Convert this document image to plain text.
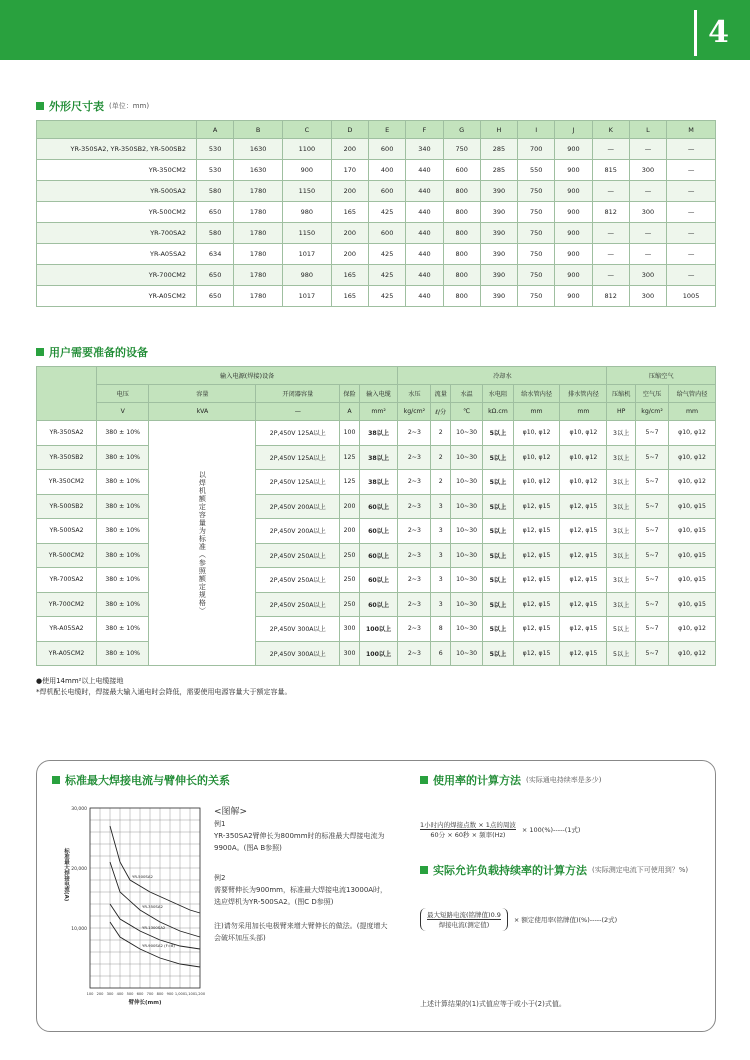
4
外形尺寸表 (单位：mm)
	A	B	C	D	E	F	G	H	I	J	K	L	M
YR-350SA2, YR-350SB2, YR-500SB2	530	1630	1100	200	600	340	750	285	700	900	—	—	—
YR-350CM2	530	1630	900	170	400	440	600	285	550	900	815	300	—
YR-500SA2	580	1780	1150	200	600	440	800	390	750	900	—	—	—
YR-500CM2	650	1780	980	165	425	440	800	390	750	900	812	300	—
YR-700SA2	580	1780	1150	200	600	440	800	390	750	900	—	—	—
YR-A05SA2	634	1780	1017	200	425	440	800	390	750	900	—	—	—
YR-700CM2	650	1780	980	165	425	440	800	390	750	900	—	300	—
YR-A05CM2	650	1780	1017	165	425	440	800	390	750	900	812	300	1005
用户需要准备的设备
	输入电源(焊接)设备					冷却水						压缩空气		
	电压	容量	开闭器容量	保险	输入电缆	水压	流量	水温	水电阻	给水管内径	排水管内径	压缩机	空气压	给气管内径
	V	kVA	—	A	mm²	kg/cm²	ℓ/分	℃	kΩ.cm	mm	mm	HP	kg/cm²	mm
YR-350SA2	380 ± 10%	以焊机额定容量为标准（参照额定规格）	2P,450V 125A以上	100	38以上	2~3	2	10~30	5以上	φ10, φ12	φ10, φ12	3以上	5~7	φ10, φ12
YR-350SB2	380 ± 10%		2P,450V 125A以上	125	38以上	2~3	2	10~30	5以上	φ10, φ12	φ10, φ12	3以上	5~7	φ10, φ12
YR-350CM2	380 ± 10%		2P,450V 125A以上	125	38以上	2~3	2	10~30	5以上	φ10, φ12	φ10, φ12	3以上	5~7	φ10, φ12
YR-500SB2	380 ± 10%		2P,450V 200A以上	200	60以上	2~3	3	10~30	5以上	φ12, φ15	φ12, φ15	3以上	5~7	φ10, φ15
YR-500SA2	380 ± 10%		2P,450V 200A以上	200	60以上	2~3	3	10~30	5以上	φ12, φ15	φ12, φ15	3以上	5~7	φ10, φ15
YR-500CM2	380 ± 10%		2P,450V 250A以上	250	60以上	2~3	3	10~30	5以上	φ12, φ15	φ12, φ15	3以上	5~7	φ10, φ15
YR-700SA2	380 ± 10%		2P,450V 250A以上	250	60以上	2~3	3	10~30	5以上	φ12, φ15	φ12, φ15	3以上	5~7	φ10, φ15
YR-700CM2	380 ± 10%		2P,450V 250A以上	250	60以上	2~3	3	10~30	5以上	φ12, φ15	φ12, φ15	3以上	5~7	φ10, φ15
YR-A05SA2	380 ± 10%		2P,450V 300A以上	300	100以上	2~3	8	10~30	5以上	φ12, φ15	φ12, φ15	5以上	5~7	φ10, φ12
YR-A05CM2	380 ± 10%		2P,450V 300A以上	300	100以上	2~3	6	10~30	5以上	φ12, φ15	φ12, φ15	5以上	5~7	φ10, φ12
●使用14mm²以上电缆接地
*焊机配长电缆时，焊接最大输入通电时会降低，需要使用电源容量大于额定容量。
标准最大焊接电流与臂伸长的关系
30,000
20,000
10,000
100 200 300 400 500 600 700 800 900 1,000 1,100 1,200
臂伸长(mm)
标准最大焊接电流(A)	YR-500SA2
YR-350SA2
YR-1300SA2
YR-900SA2 (F=8)
<图解>
例1
YR-350SA2臂伸长为800mm时的标准最大焊接电流为9900A。(图A B参照)
例2
需要臂伸长为900mm，标准最大焊接电流13000A时，选应焊机为YR-500SA2。(图C D参照)
注)请勿采用加长电极臂来增大臂伸长的做法。(提度增大会破坏加压头部)
使用率的计算方法 (实际通电持续率是多少)
1小时内的焊接点数 × 1点的周波
60分 × 60秒 × 频率(Hz)
× 100(%)-----(1式)
实际允许负载持续率的计算方法 (实际测定电流下可使用到？%)
最大短路电流(铭牌值)0.9
焊接电流(测定值)
× 额定使用率(铭牌值)(%)-----(2式)
上述计算结果的(1)式值应等于或小于(2)式值。
